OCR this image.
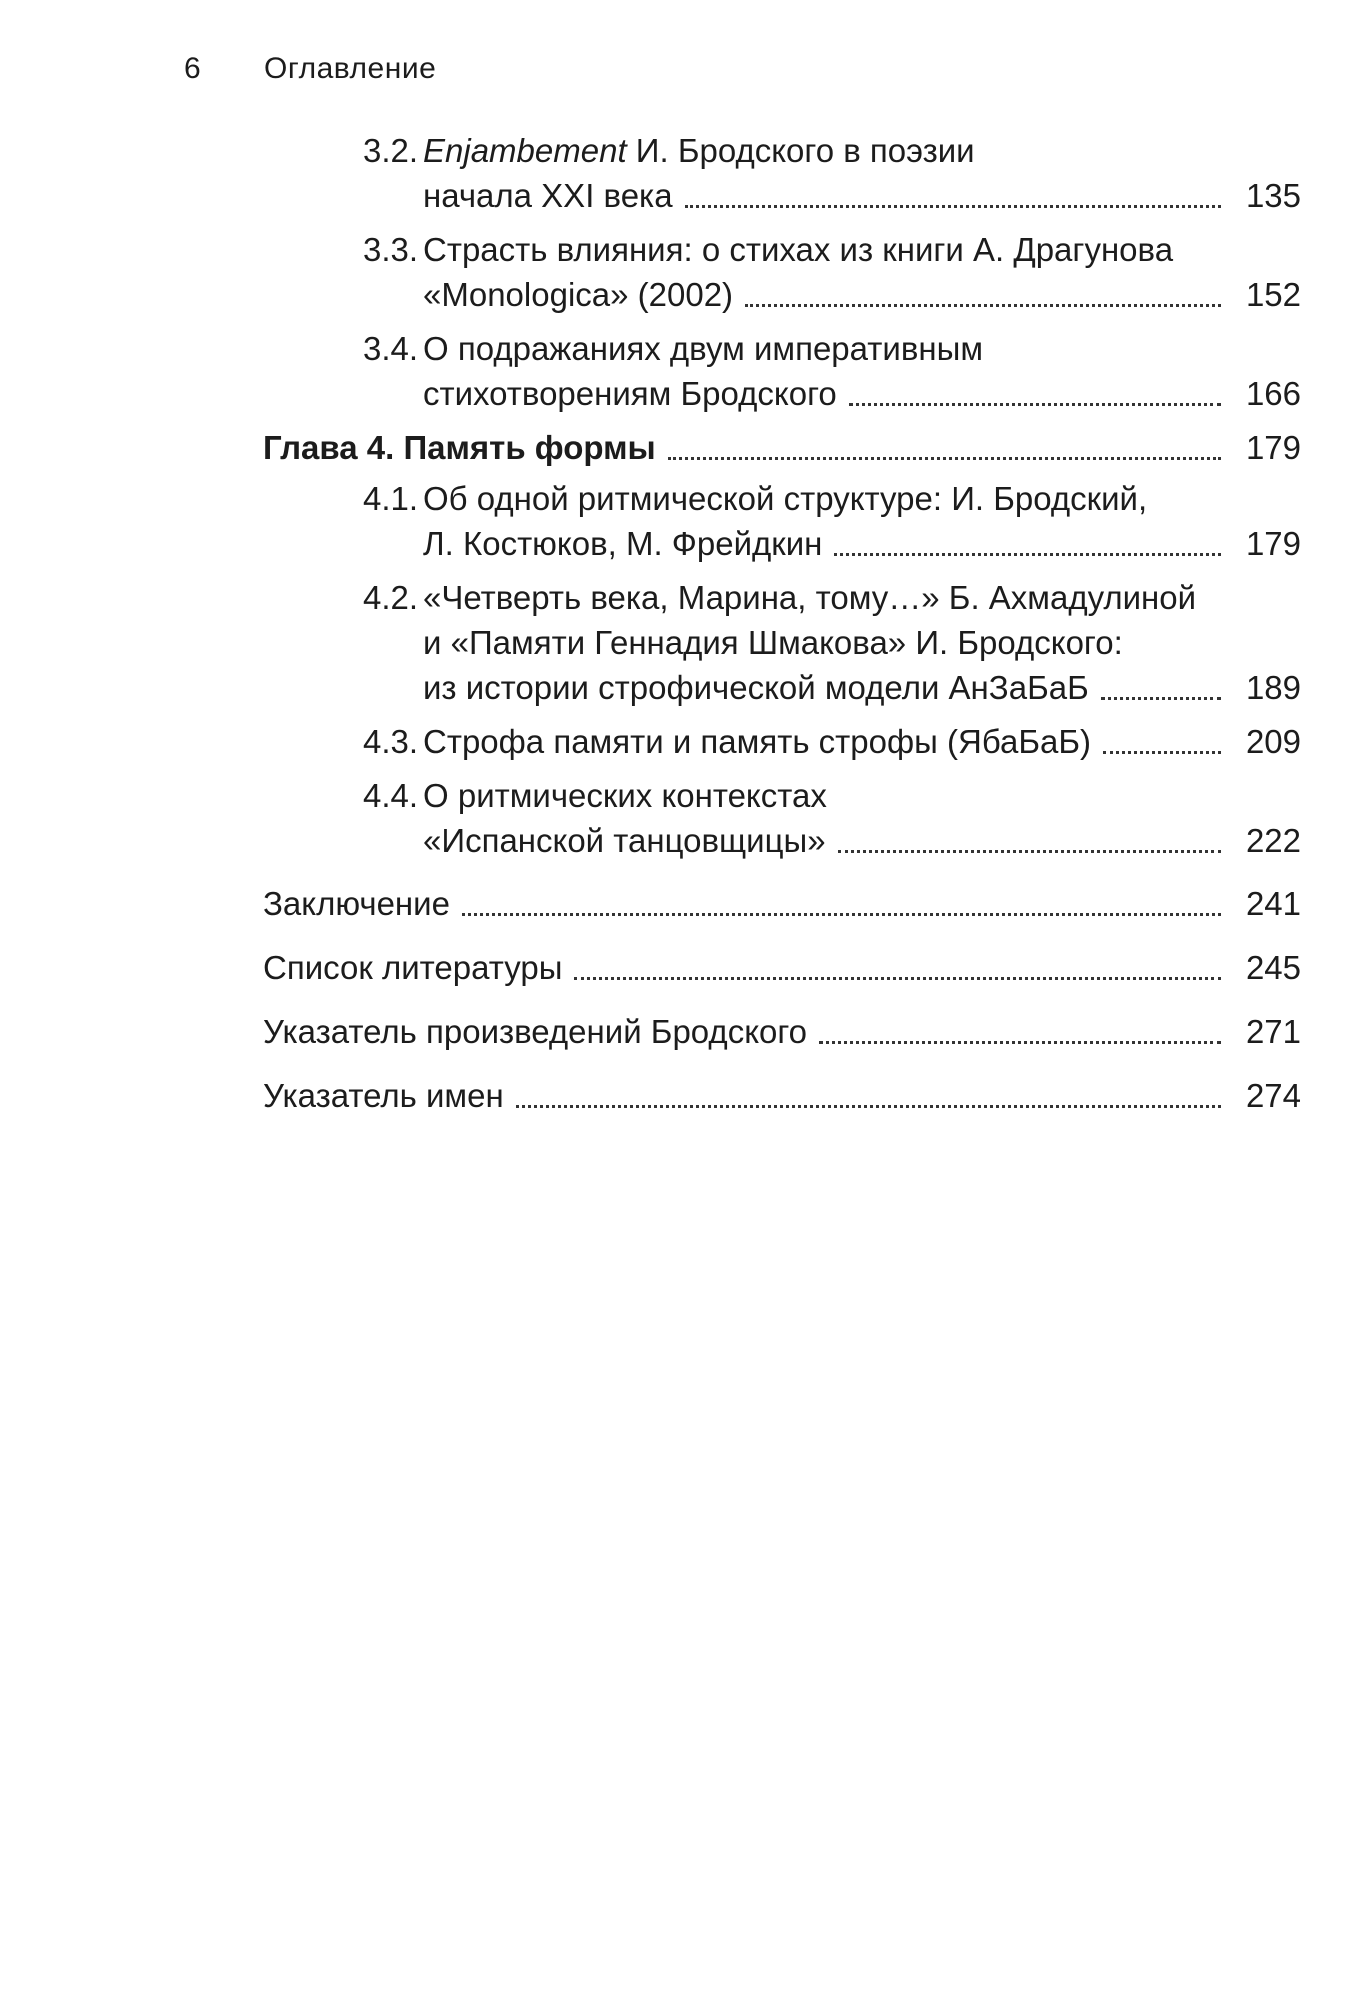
6 Оглавление
3.2. Enjambement И. Бродского в поэзии
начала XXI века	135
3.3. Страсть влияния: о стихах из книги А. Драгунова
«Monologica» (2002)	152
3.4. О подражаниях двум императивным
стихотворениям Бродского	166
Глава 4. Память формы	179
4.1. Об одной ритмической структуре: И. Бродский,
Л. Костюков, М. Фрейдкин	179
4.2. «Четверть века, Марина, тому…» Б. Ахмадулиной
и «Памяти Геннадия Шмакова» И. Бродского:
из истории строфической модели АнЗаБаБ	189
4.3. Строфа памяти и память строфы (ЯбаБаБ)	209
4.4. О ритмических контекстах
«Испанской танцовщицы»	222
Заключение	241
Список литературы	245
Указатель произведений Бродского	271
Указатель имен	274
